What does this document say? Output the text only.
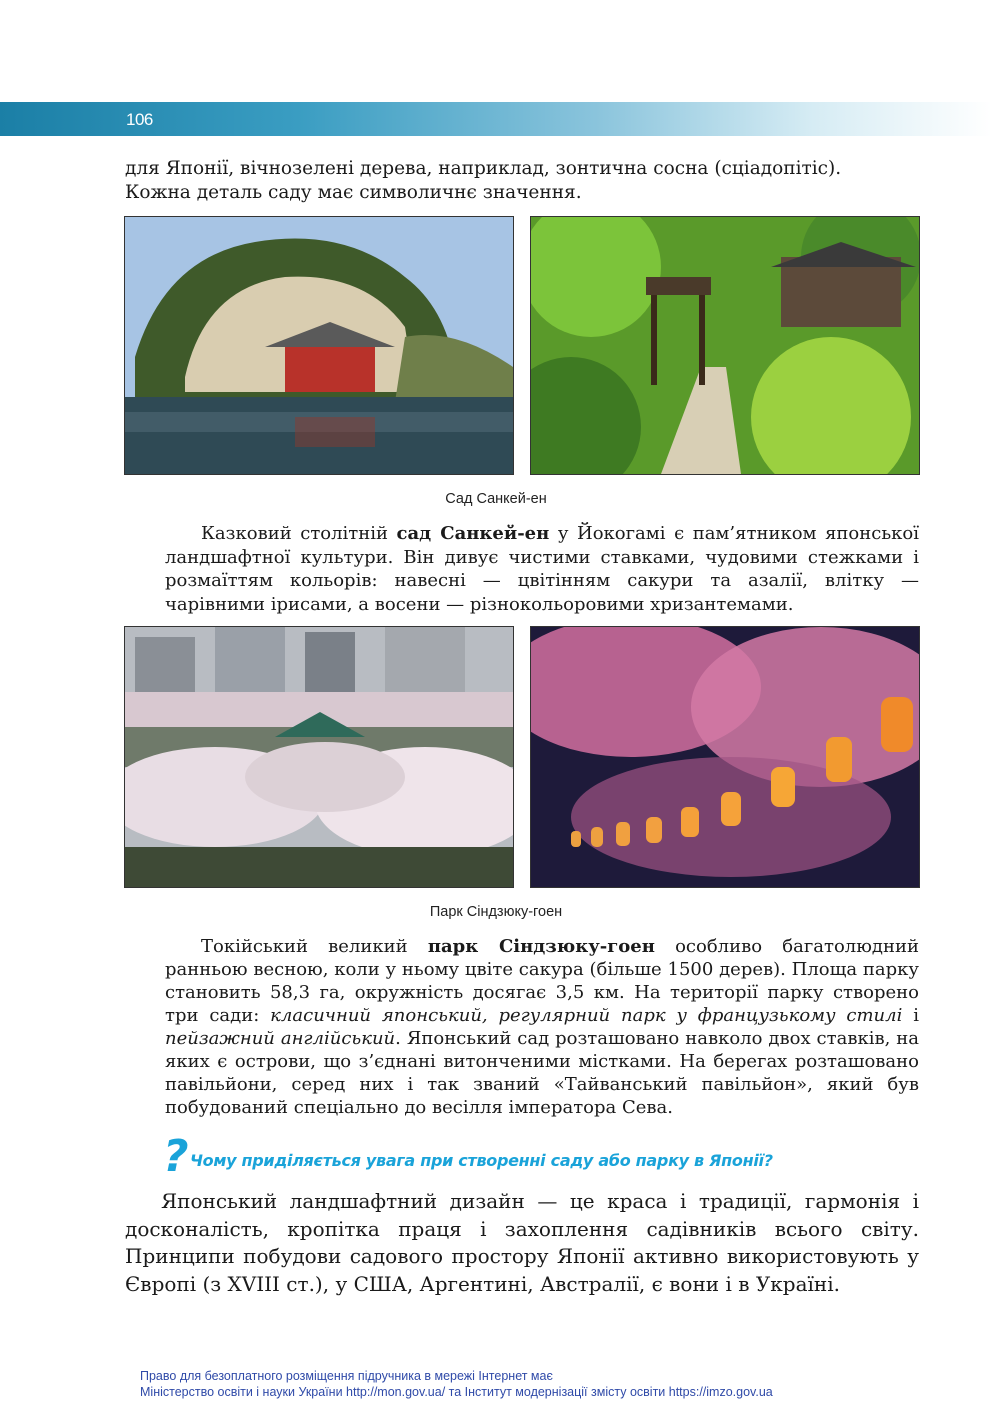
106

для Японії, вічнозелені дерева, наприклад, зонтична сосна (сціадопітіс).
Кожна деталь саду має символичнє значення.

Сад Санкей-ен

Казковий столітній сад Санкей-ен у Йокогамі є пам’ятником японської ландшафтної культури. Він дивує чистими ставками, чудовими стежками і розмаїттям кольорів: навесні — цвітінням сакури та азалії, влітку — чарівними ірисами, а восени — різнокольоровими хризантемами.

Парк Сіндзюку-гоен

Токійський великий парк Сіндзюку-гоен особливо багатолюдний ранньою весною, коли у ньому цвіте сакура (більше 1500 дерев). Площа парку становить 58,3 га, окружність досягає 3,5 км. На території парку створено три сади: класичний японський, регулярний парк у французькому стилі і пейзажний англійський. Японський сад розташовано навколо двох ставків, на яких є острови, що з’єднані витонченими містками. На берегах розташовано павільйони, серед них і так званий «Тайванський павільйон», який був побудований спеціально до весілля імператора Сева.

? Чому приділяється увага при створенні саду або парку в Японії?

Японський ландшафтний дизайн — це краса і традиції, гармонія і досконалість, кропітка праця і захоплення садівників всього світу. Принципи побудови садового простору Японії активно використовують у Європі (з XVIII ст.), у США, Аргентині, Австралії, є вони і в Україні.

Право для безоплатного розміщення підручника в мережі Інтернет має
Міністерство освіти і науки України http://mon.gov.ua/ та Інститут модернізації змісту освіти https://imzo.gov.ua
